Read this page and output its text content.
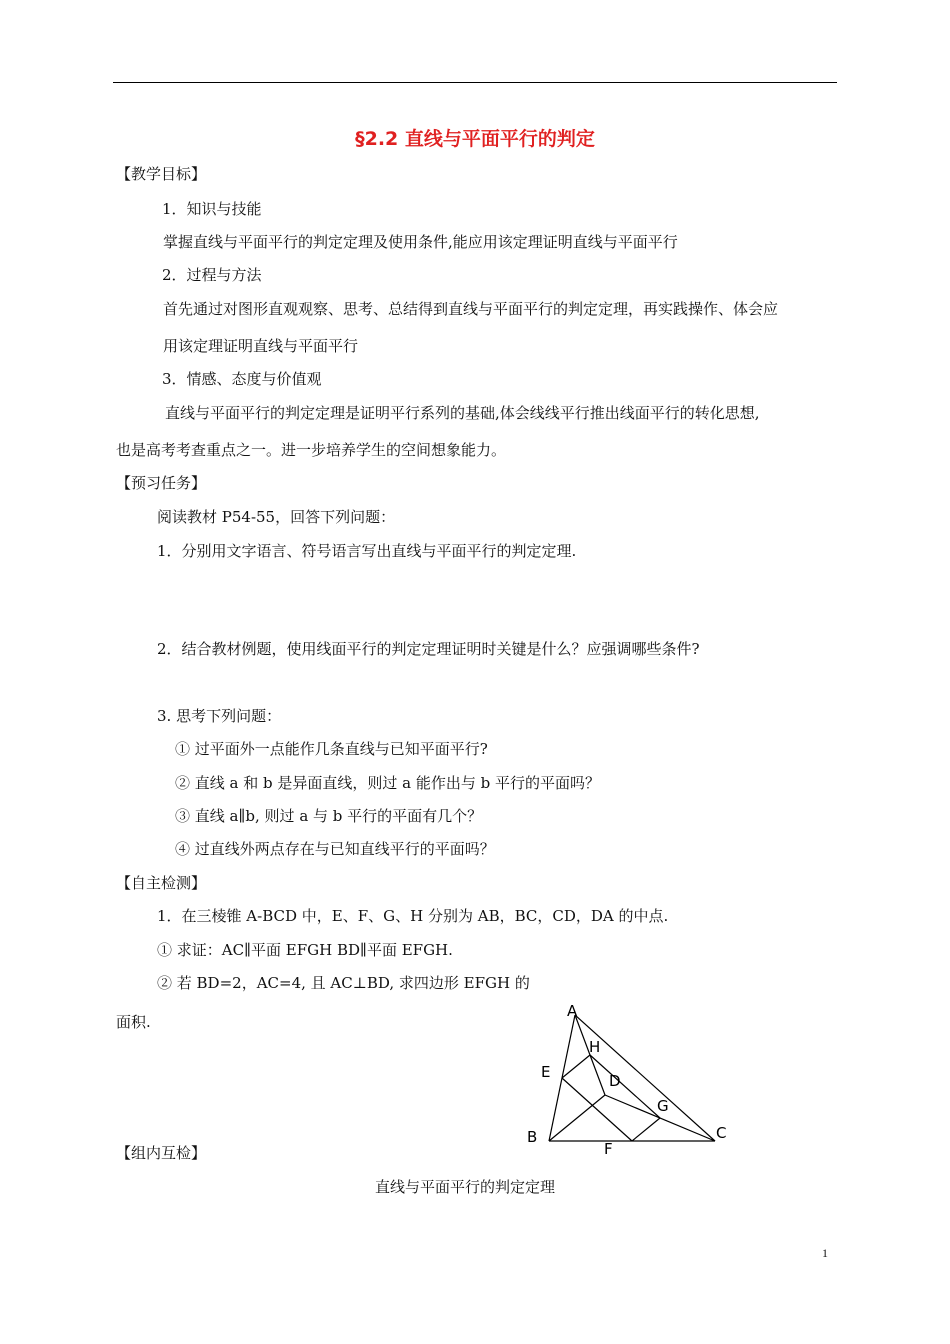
§2.2 直线与平面平行的判定
【教学目标】
1．知识与技能
掌握直线与平面平行的判定定理及使用条件,能应用该定理证明直线与平面平行
2．过程与方法
首先通过对图形直观观察、思考、总结得到直线与平面平行的判定定理，再实践操作、体会应
用该定理证明直线与平面平行
3．情感、态度与价值观
直线与平面平行的判定定理是证明平行系列的基础,体会线线平行推出线面平行的转化思想,
也是高考考查重点之一。进一步培养学生的空间想象能力。
【预习任务】
阅读教材 P54-55，回答下列问题：
1．分别用文字语言、符号语言写出直线与平面平行的判定定理.
2．结合教材例题，使用线面平行的判定定理证明时关键是什么？应强调哪些条件?
3. 思考下列问题：
① 过平面外一点能作几条直线与已知平面平行?
② 直线 a 和 b 是异面直线，则过 a 能作出与 b 平行的平面吗？
③ 直线 a∥b, 则过 a 与 b 平行的平面有几个？
④ 过直线外两点存在与已知直线平行的平面吗？
【自主检测】
1．在三棱锥 A-BCD 中，E、F、G、H 分别为 AB，BC，CD，DA 的中点.
① 求证：AC∥平面 EFGH BD∥平面 EFGH.
② 若 BD=2，AC=4, 且 AC⊥BD, 求四边形 EFGH 的
面积.
A
H
E	D
G
B	C
F
【组内互检】
直线与平面平行的判定定理
1
